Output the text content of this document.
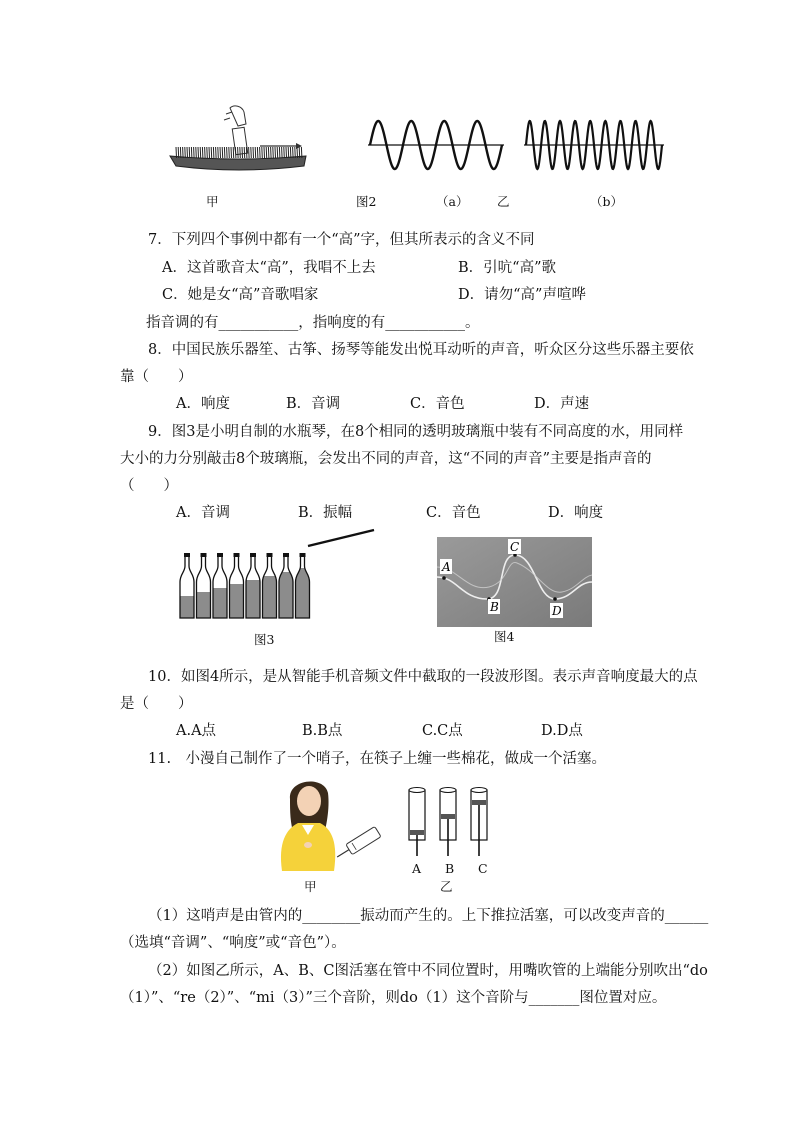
甲	图2	（a） 乙	（b）
7．下列四个事例中都有一个“高”字，但其所表示的含义不同
A．这首歌音太“高”，我唱不上去	B．引吭“高”歌
C．她是女“高”音歌唱家	D．请勿“高”声喧哗
指音调的有___________，指响度的有___________。
8．中国民族乐器笙、古筝、扬琴等能发出悦耳动听的声音，听众区分这些乐器主要依
靠（　　）
A．响度	B．音调	C．音色	D．声速
9．图3是小明自制的水瓶琴，在8个相同的透明玻璃瓶中装有不同高度的水，用同样
大小的力分别敲击8个玻璃瓶，会发出不同的声音，这“不同的声音”主要是指声音的
（　　）
A．音调	B．振幅	C．音色	D．响度
图3
A
B
C
D
图4
10．如图4所示，是从智能手机音频文件中截取的一段波形图。表示声音响度最大的点
是（　　）
A.A点	B.B点	C.C点	D.D点
11.　小漫自己制作了一个哨子，在筷子上缠一些棉花，做成一个活塞。
甲
A B C
乙
（1）这哨声是由管内的________振动而产生的。上下推拉活塞，可以改变声音的______
（选填“音调”、“响度”或“音色”）。
（2）如图乙所示，A、B、C图活塞在管中不同位置时，用嘴吹管的上端能分别吹出“do
（1）”、“re（2）”、“mi（3）”三个音阶，则do（1）这个音阶与_______图位置对应。
